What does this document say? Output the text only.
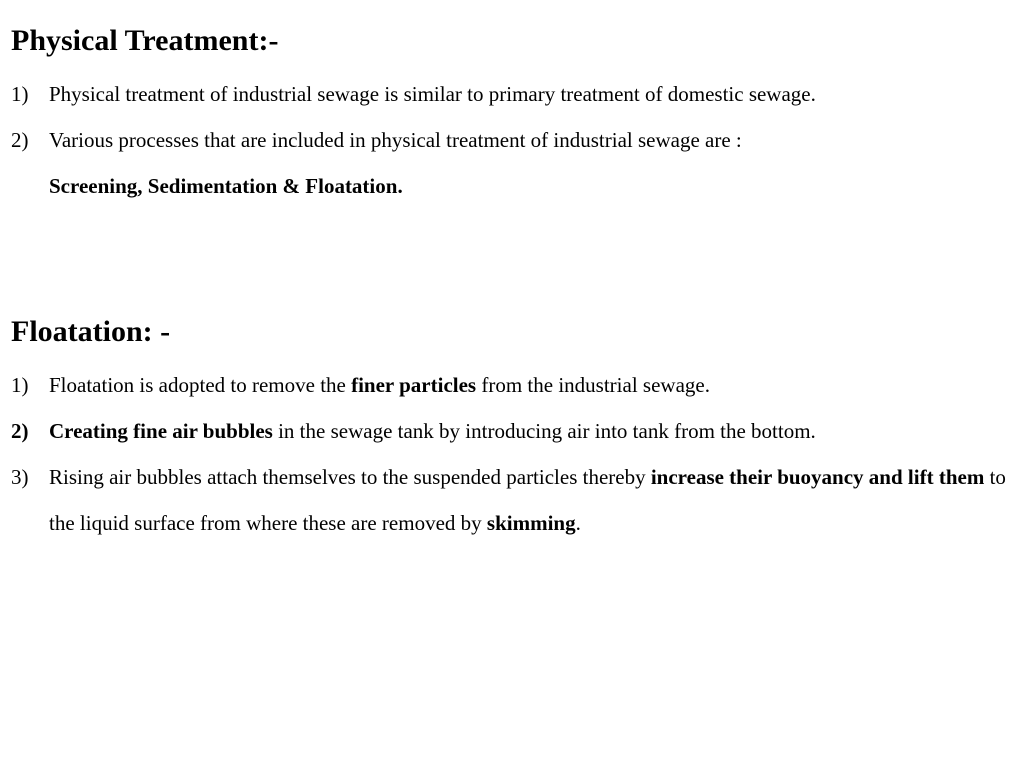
Physical Treatment:-
1) Physical treatment of industrial sewage is similar to primary treatment of domestic sewage.
2) Various processes that are included in physical treatment of industrial sewage are :
Screening, Sedimentation & Floatation.
Floatation: -
1) Floatation is adopted to remove the finer particles from the industrial sewage.
2) Creating fine air bubbles in the sewage tank by introducing air into tank from the bottom.
3) Rising air bubbles attach themselves to the suspended particles thereby increase their buoyancy and lift them to the liquid surface from where these are removed by skimming.
